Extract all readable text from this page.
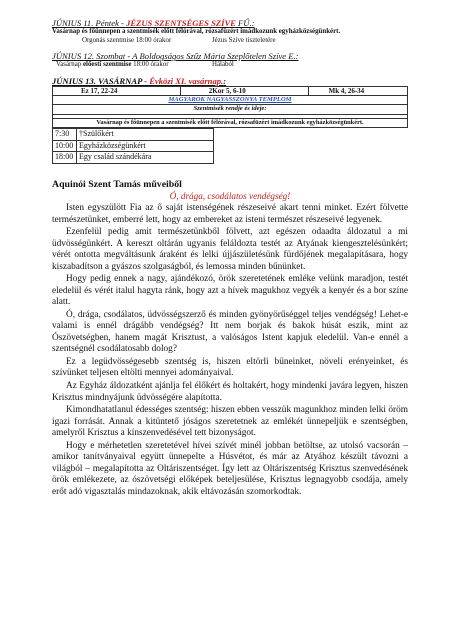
JÚNIUS 11. Péntek - JÉZUS SZENTSÉGES SZÍVE FŰ.:
Vasárnap és főünnepen a szentmisék előtt félórával, rózsafüzért imádkozunk egyházközségünkért.
Orgonás szentmise 18:00 órakor	Jézus Szíve tiszteletére
JÚNIUS 12. Szombat - A Boldogságos Szűz Mária Szeplőtelen Szíve E.:
Vasárnap előesti szentmise 18:00 órakor	Hálaból
JÚNIUS 13. VASÁRNAP - Évközi XI. vasárnap.:
Ez 17, 22-24	2Kor 5, 6-10	Mk 4, 26-34
MAGYAROK NAGYASSZONYA TEMPLOM
Szentmisék rendje és ideje:
Vasárnap és főünnepen a szentmisék előtt félórával, rózsafüzért imádkozunk egyházközségünkért.
7:30	†Szülőkért	
10:00	Egyházközségünkért	
18:00	Egy család szándékára	
Aquinói Szent Tamás műveiből
Ó, drága, csodálatos vendégség!

Isten egyszülött Fia az ő saját istenségének részeseivé akart tenni minket. Ezért fölvette természetünket, emberré lett, hogy az embereket az isteni természet részeseivé legyenek.

Ezenfelül pedig amit természetünkből fölvett, azt egészen odaadta áldozatul a mi üdvösségünkért. A kereszt oltárán ugyanis feláldozta testét az Atyának kiengesztelésünkért; vérét ontotta megváltásunk áraként és lelki újjászületésünk fürdőjének megalapításara, hogy kiszabadítson a gyászos szolgaságból, és lemossa minden bűnünket.

Hogy pedig ennek a nagy, ajándékozó, örök szeretetének emléke velünk maradjon, testét eledelül és vérét italul hagyta ránk, hogy azt a hívek magukhoz vegyék a kenyér és a bor színe alatt.

Ó, drága, csodálatos, üdvösségszerző és minden gyönyörűséggel teljes vendégség! Lehet-e valami is ennél drágább vendégség? Itt nem borjak és bakok húsát eszik, mint az Ószövetségben, hanem magát Krisztust, a valóságos Istent kapjuk eledelül. Van-e ennél a szentségnél csodálatosabb dolog?

Ez a legüdvösségesebb szentség is, hiszen eltörli bűneinket, növeli erényeinket, és szívünket teljesen eltölti mennyei adományaival.

Az Egyház áldozatként ajánlja fel élőkért és holtakért, hogy mindenki javára legyen, hiszen Krisztus mindnyájunk üdvösségére alapította.

Kimondhatatlanul édességes szentség: hiszen ebben vesszük magunkhoz minden lelki öröm igazi forrását. Annak a kitüntető jóságos szeretetnek az emlékét ünnepeljük e szentségben, amelyről Krisztus a kínszenvedésével tett bizonyságot.

Hogy e mérhetetlen szeretetével hívei szívét minél jobban betöltse, az utolsó vacsorán – amikor tanítványaival együtt ünnepelte a Húsvétot, és már az Atyához készült távozni a világból – megalapította az Oltáriszentséget. Így lett az Oltáriszentség Krisztus szenvedésének örök emlékezete, az ószövetségi előképek beteljesülése, Krisztus legnagyobb csodája, amely erőt adó vigasztalás mindazoknak, akik eltávozásán szomorkodtak.
